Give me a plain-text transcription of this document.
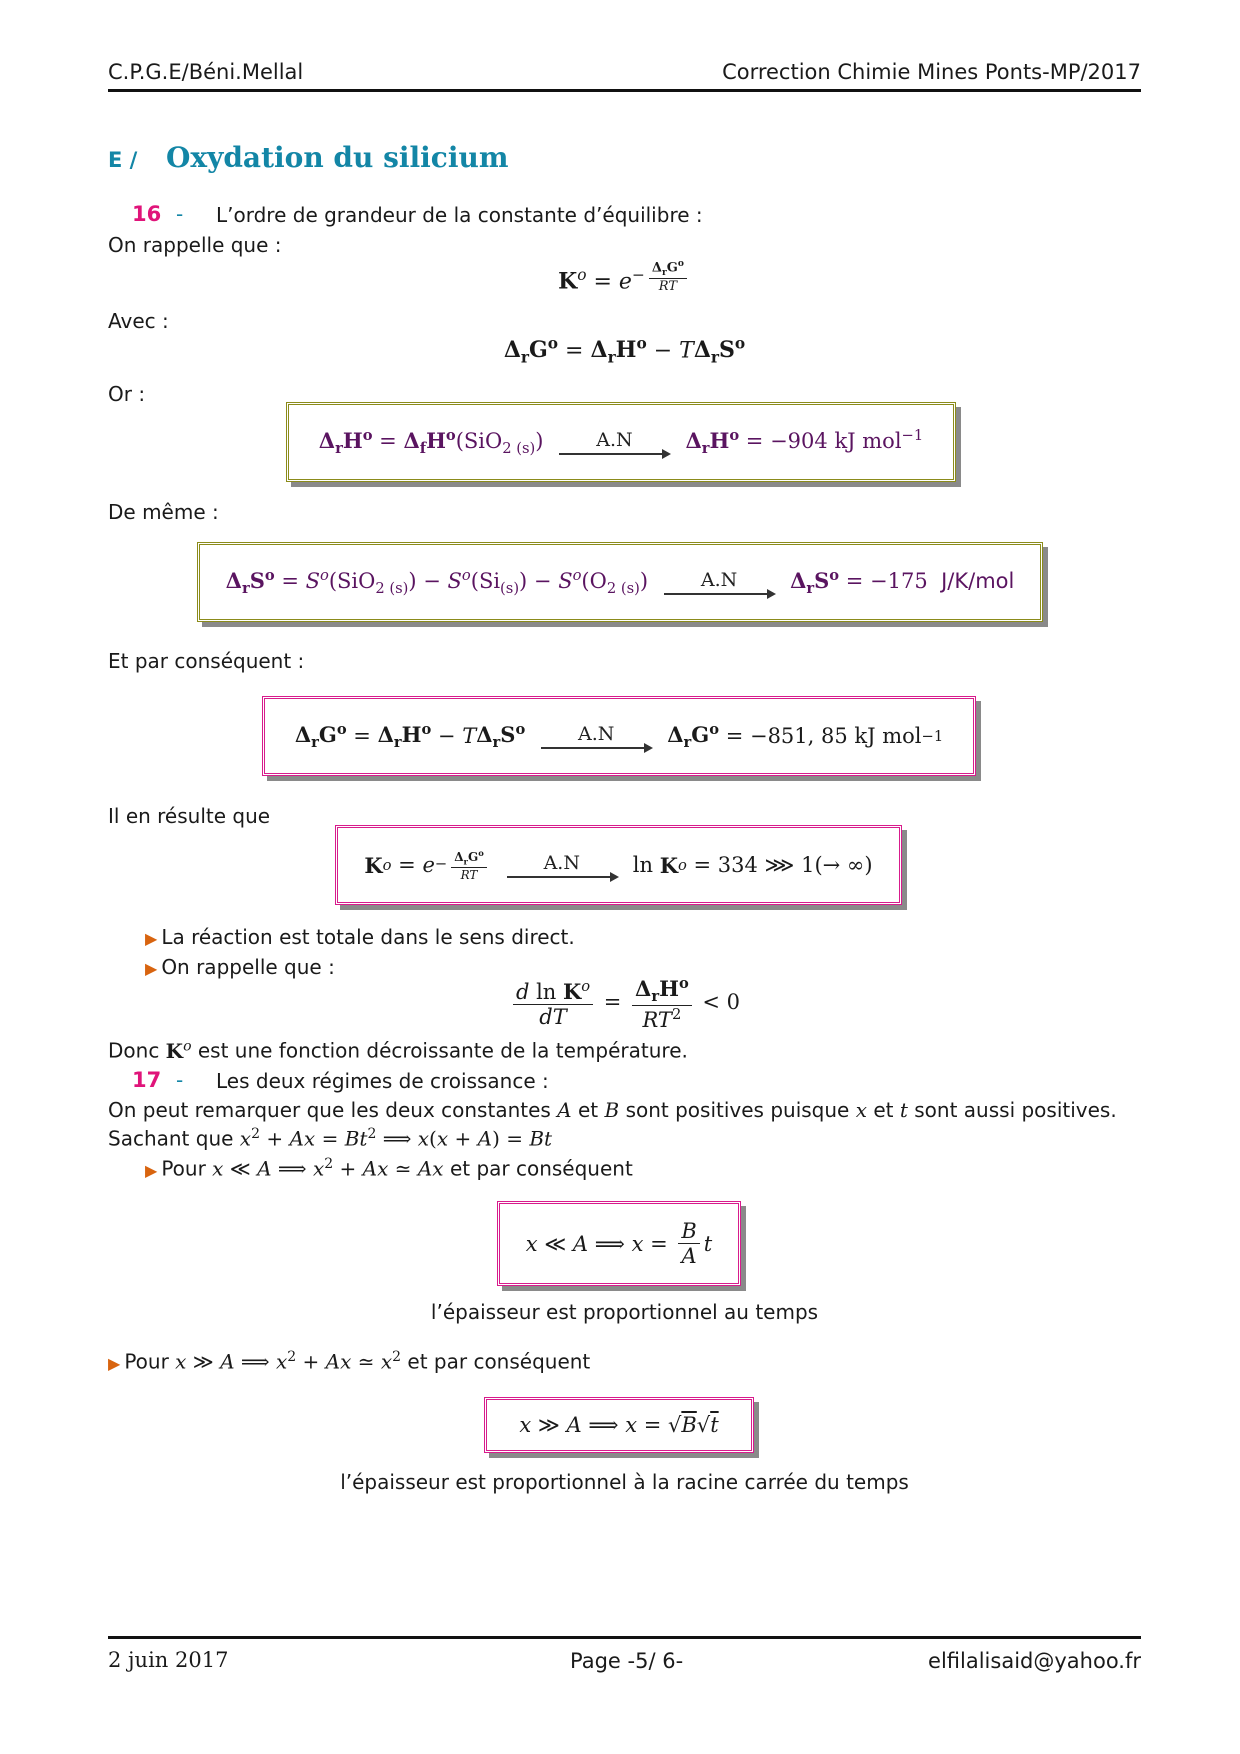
C.P.G.E/Béni.Mellal	Correction Chimie Mines Ponts-MP/2017
E / Oxydation du silicium
16 - L’ordre de grandeur de la constante d’équilibre :
On rappelle que :
$K^o = e^{- \frac{\Delta_rG^o}{RT}}$
Avec :
$\Delta_rG^o = \Delta_rH^o - T\Delta_rS^o$
Or :
$\Delta_rH^o = \Delta_fH^o(SiO_{2 (s)})$	A.N	$\Delta_rH^o = -904$ kJ mol$^{-1}$
De même :
$\Delta_rS^o = S^o(SiO_{2 (s)}) - S^o(Si_{(s)}) - S^o(O_{2 (s)})$	A.N	$\Delta_rS^o = -175$ J/K/mol
Et par conséquent :
$\Delta_rG^o = \Delta_rH^o - T$ $\Delta_rS^o$	A.N	$\Delta_rG^o = -851$, 85
kJ mol −1
Il en résulte que
K $o = e - \frac{\Delta_rG^o}{RT}$	A.N	ln K o = 334 ⋙ 1(→ ∞)
▶ La réaction est totale dans le sens direct.
▶ On rappelle que :
$\frac{d \ln K^o}{dT} = \frac{\Delta_rH^o}{RT^2} < 0$
Donc $K^o$ est une fonction décroissante de la température.
17 - Les deux régimes de croissance :
On peut remarquer que les deux constantes A et B sont positives puisque x et t sont aussi positives.
Sachant que $x^2 + Ax = Bt^2$ ⟹ x(x + A) = Bt
▶ Pour x ≪ A ⟹ $x^2 + Ax$ ≃ Ax et par conséquent
x ≪ A ⟹ $x = \frac{B}{A}$ t
l’épaisseur est proportionnel au temps
▶ Pour x ≫ A ⟹ $x^2 + Ax$ ≃ $x^2$ et par conséquent
x ≫ A ⟹ x = √ B √ t
l’épaisseur est proportionnel à la racine carrée du temps
2 juin 2017	Page -5/ 6-	elfilalisaid@yahoo.fr
